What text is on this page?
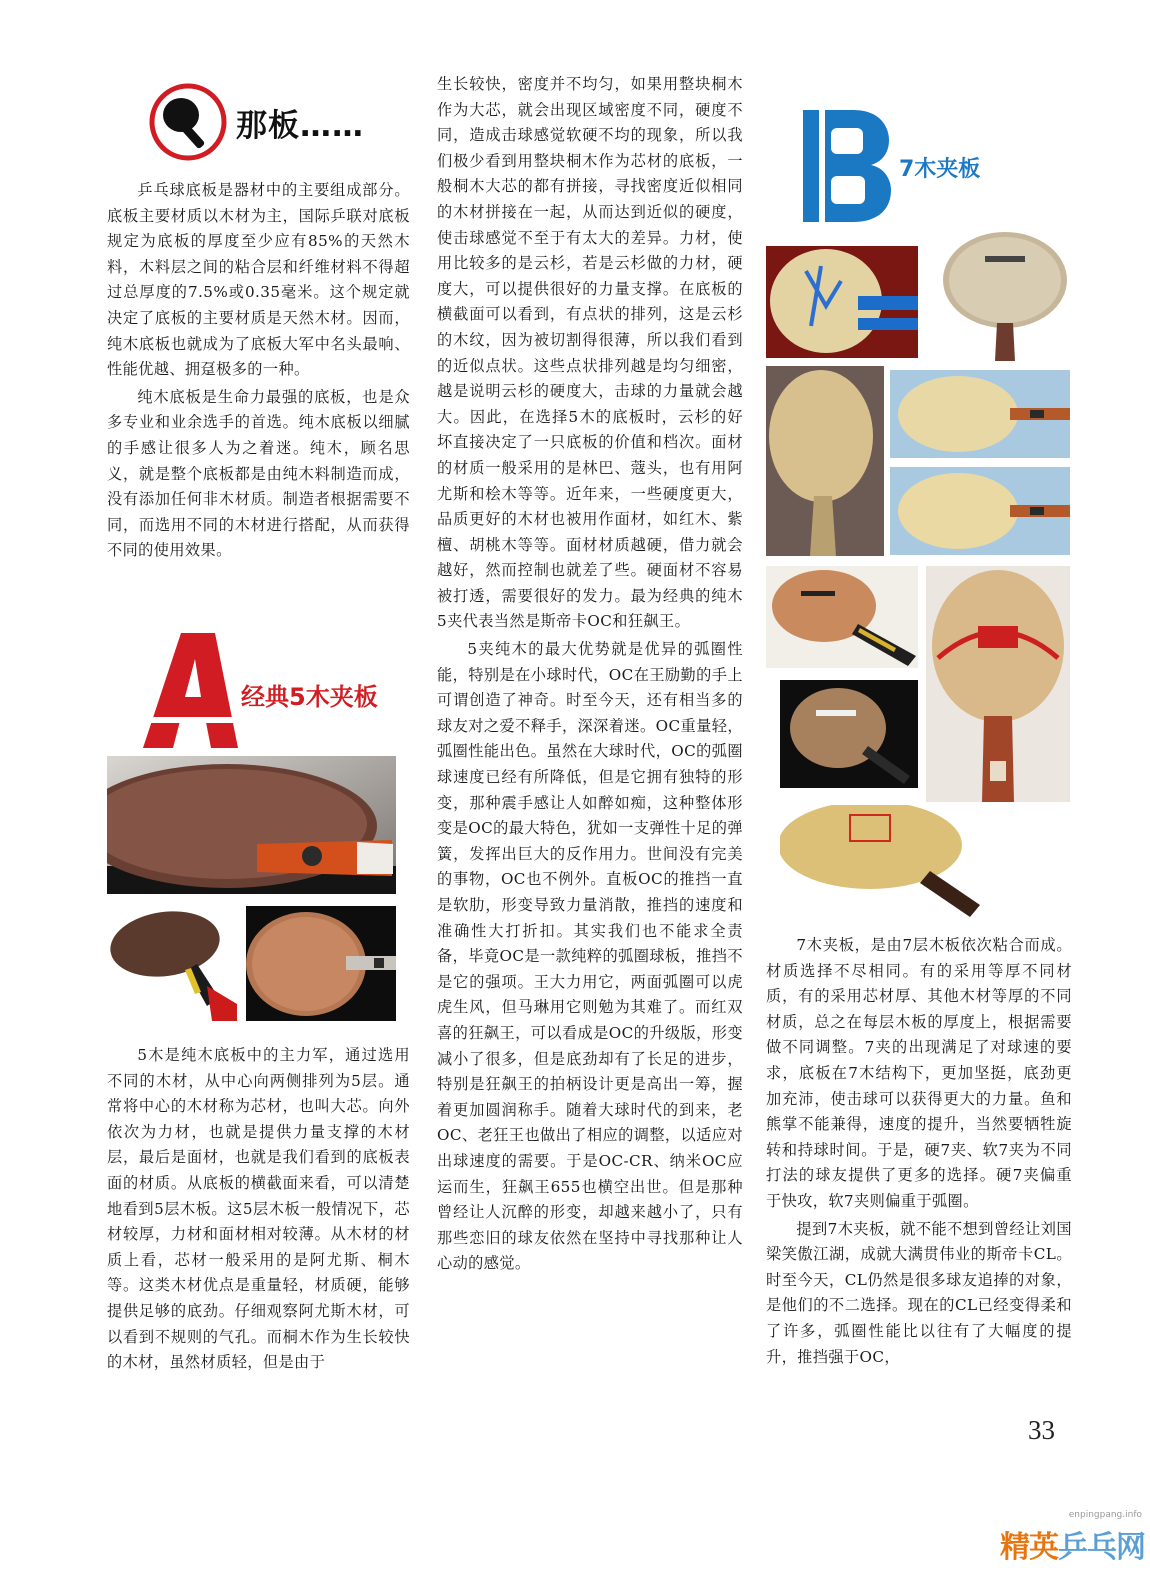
那板……

乒乓球底板是器材中的主要组成部分。底板主要材质以木材为主，国际乒联对底板规定为底板的厚度至少应有85%的天然木料，木料层之间的粘合层和纤维材料不得超过总厚度的7.5%或0.35毫米。这个规定就决定了底板的主要材质是天然木材。因而，纯木底板也就成为了底板大军中名头最响、性能优越、拥趸极多的一种。

纯木底板是生命力最强的底板，也是众多专业和业余选手的首选。纯木底板以细腻的手感让很多人为之着迷。纯木，顾名思义，就是整个底板都是由纯木料制造而成，没有添加任何非木材质。制造者根据需要不同，而选用不同的木材进行搭配，从而获得不同的使用效果。

经典5木夹板

5木是纯木底板中的主力军，通过选用不同的木材，从中心向两侧排列为5层。通常将中心的木材称为芯材，也叫大芯。向外依次为力材，也就是提供力量支撑的木材层，最后是面材，也就是我们看到的底板表面的材质。从底板的横截面来看，可以清楚地看到5层木板。这5层木板一般情况下，芯材较厚，力材和面材相对较薄。从木材的材质上看，芯材一般采用的是阿尤斯、桐木等。这类木材优点是重量轻，材质硬，能够提供足够的底劲。仔细观察阿尤斯木材，可以看到不规则的气孔。而桐木作为生长较快的木材，虽然材质轻，但是由于

生长较快，密度并不均匀，如果用整块桐木作为大芯，就会出现区域密度不同，硬度不同，造成击球感觉软硬不均的现象，所以我们极少看到用整块桐木作为芯材的底板，一般桐木大芯的都有拼接，寻找密度近似相同的木材拼接在一起，从而达到近似的硬度，使击球感觉不至于有太大的差异。力材，使用比较多的是云杉，若是云杉做的力材，硬度大，可以提供很好的力量支撑。在底板的横截面可以看到，有点状的排列，这是云杉的木纹，因为被切割得很薄，所以我们看到的近似点状。这些点状排列越是均匀细密，越是说明云杉的硬度大，击球的力量就会越大。因此，在选择5木的底板时，云杉的好坏直接决定了一只底板的价值和档次。面材的材质一般采用的是林巴、蔻头，也有用阿尤斯和桧木等等。近年来，一些硬度更大，品质更好的木材也被用作面材，如红木、紫檀、胡桃木等等。面材材质越硬，借力就会越好，然而控制也就差了些。硬面材不容易被打透，需要很好的发力。最为经典的纯木5夹代表当然是斯帝卡OC和狂飙王。

5夹纯木的最大优势就是优异的弧圈性能，特别是在小球时代，OC在王励勤的手上可谓创造了神奇。时至今天，还有相当多的球友对之爱不释手，深深着迷。OC重量轻，弧圈性能出色。虽然在大球时代，OC的弧圈球速度已经有所降低，但是它拥有独特的形变，那种震手感让人如醉如痴，这种整体形变是OC的最大特色，犹如一支弹性十足的弹簧，发挥出巨大的反作用力。世间没有完美的事物，OC也不例外。直板OC的推挡一直是软肋，形变导致力量消散，推挡的速度和准确性大打折扣。其实我们也不能求全责备，毕竟OC是一款纯粹的弧圈球板，推挡不是它的强项。王大力用它，两面弧圈可以虎虎生风，但马琳用它则勉为其难了。而红双喜的狂飙王，可以看成是OC的升级版，形变减小了很多，但是底劲却有了长足的进步，特别是狂飙王的拍柄设计更是高出一筹，握着更加圆润称手。随着大球时代的到来，老OC、老狂王也做出了相应的调整，以适应对出球速度的需要。于是OC-CR、纳米OC应运而生，狂飙王655也横空出世。但是那种曾经让人沉醉的形变，却越来越小了，只有那些恋旧的球友依然在坚持中寻找那种让人心动的感觉。

7木夹板

7木夹板，是由7层木板依次粘合而成。材质选择不尽相同。有的采用等厚不同材质，有的采用芯材厚、其他木材等厚的不同材质，总之在每层木板的厚度上，根据需要做不同调整。7夹的出现满足了对球速的要求，底板在7木结构下，更加坚挺，底劲更加充沛，使击球可以获得更大的力量。鱼和熊掌不能兼得，速度的提升，当然要牺牲旋转和持球时间。于是，硬7夹、软7夹为不同打法的球友提供了更多的选择。硬7夹偏重于快攻，软7夹则偏重于弧圈。

提到7木夹板，就不能不想到曾经让刘国梁笑傲江湖，成就大满贯伟业的斯帝卡CL。时至今天，CL仍然是很多球友追捧的对象，是他们的不二选择。现在的CL已经变得柔和了许多，弧圈性能比以往有了大幅度的提升，推挡强于OC，

33
enpingpang.info
精英乒乓网
